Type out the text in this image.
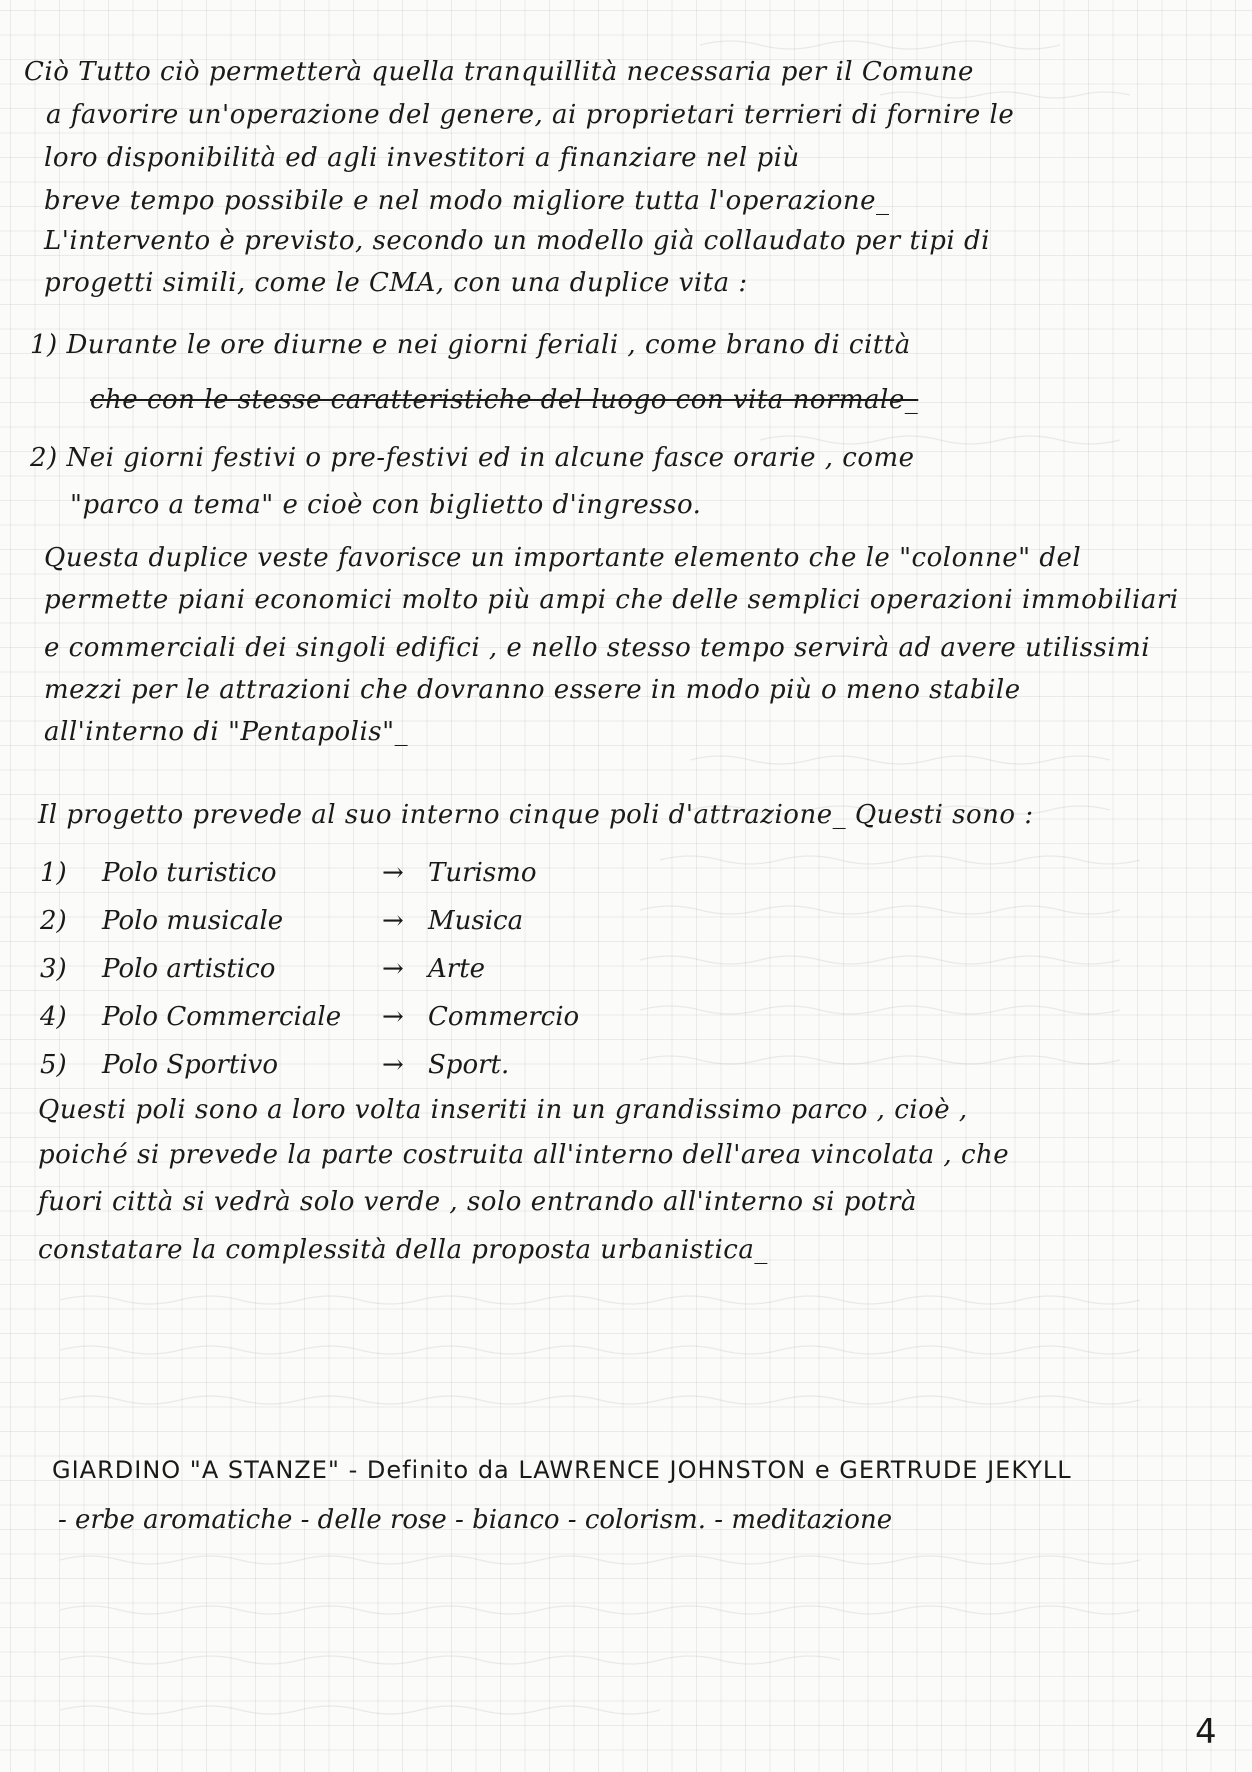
Ciò Tutto ciò permetterà quella tranquillità necessaria per il Comune
a favorire un'operazione del genere, ai proprietari terrieri di fornire le
loro disponibilità ed agli investitori a finanziare nel più
breve tempo possibile e nel modo migliore tutta l'operazione_
L'intervento è previsto, secondo un modello già collaudato per tipi di
progetti simili, come le CMA, con una duplice vita :
1) Durante le ore diurne e nei giorni feriali , come brano di città
che con le stesse caratteristiche del luogo con vita normale_
2) Nei giorni festivi o pre-festivi ed in alcune fasce orarie , come
"parco a tema" e cioè con biglietto d'ingresso.
Questa duplice veste favorisce un importante elemento che le "colonne" del
permette piani economici molto più ampi che delle semplici operazioni immobiliari
e commerciali dei singoli edifici , e nello stesso tempo servirà ad avere utilissimi
mezzi per le attrazioni che dovranno essere in modo più o meno stabile
all'interno di "Pentapolis"_
Il progetto prevede al suo interno cinque poli d'attrazione_ Questi sono :
1) Polo turistico	→ Turismo
2) Polo musicale	→ Musica
3) Polo artistico	→ Arte
4) Polo Commerciale → Commercio
5) Polo Sportivo	→ Sport.
Questi poli sono a loro volta inseriti in un grandissimo parco , cioè ,
poiché si prevede la parte costruita all'interno dell'area vincolata , che
fuori città si vedrà solo verde , solo entrando all'interno si potrà
constatare la complessità della proposta urbanistica_
GIARDINO "A STANZE" - Definito da LAWRENCE JOHNSTON e GERTRUDE JEKYLL
- erbe aromatiche - delle rose - bianco - colorism. - meditazione
4
